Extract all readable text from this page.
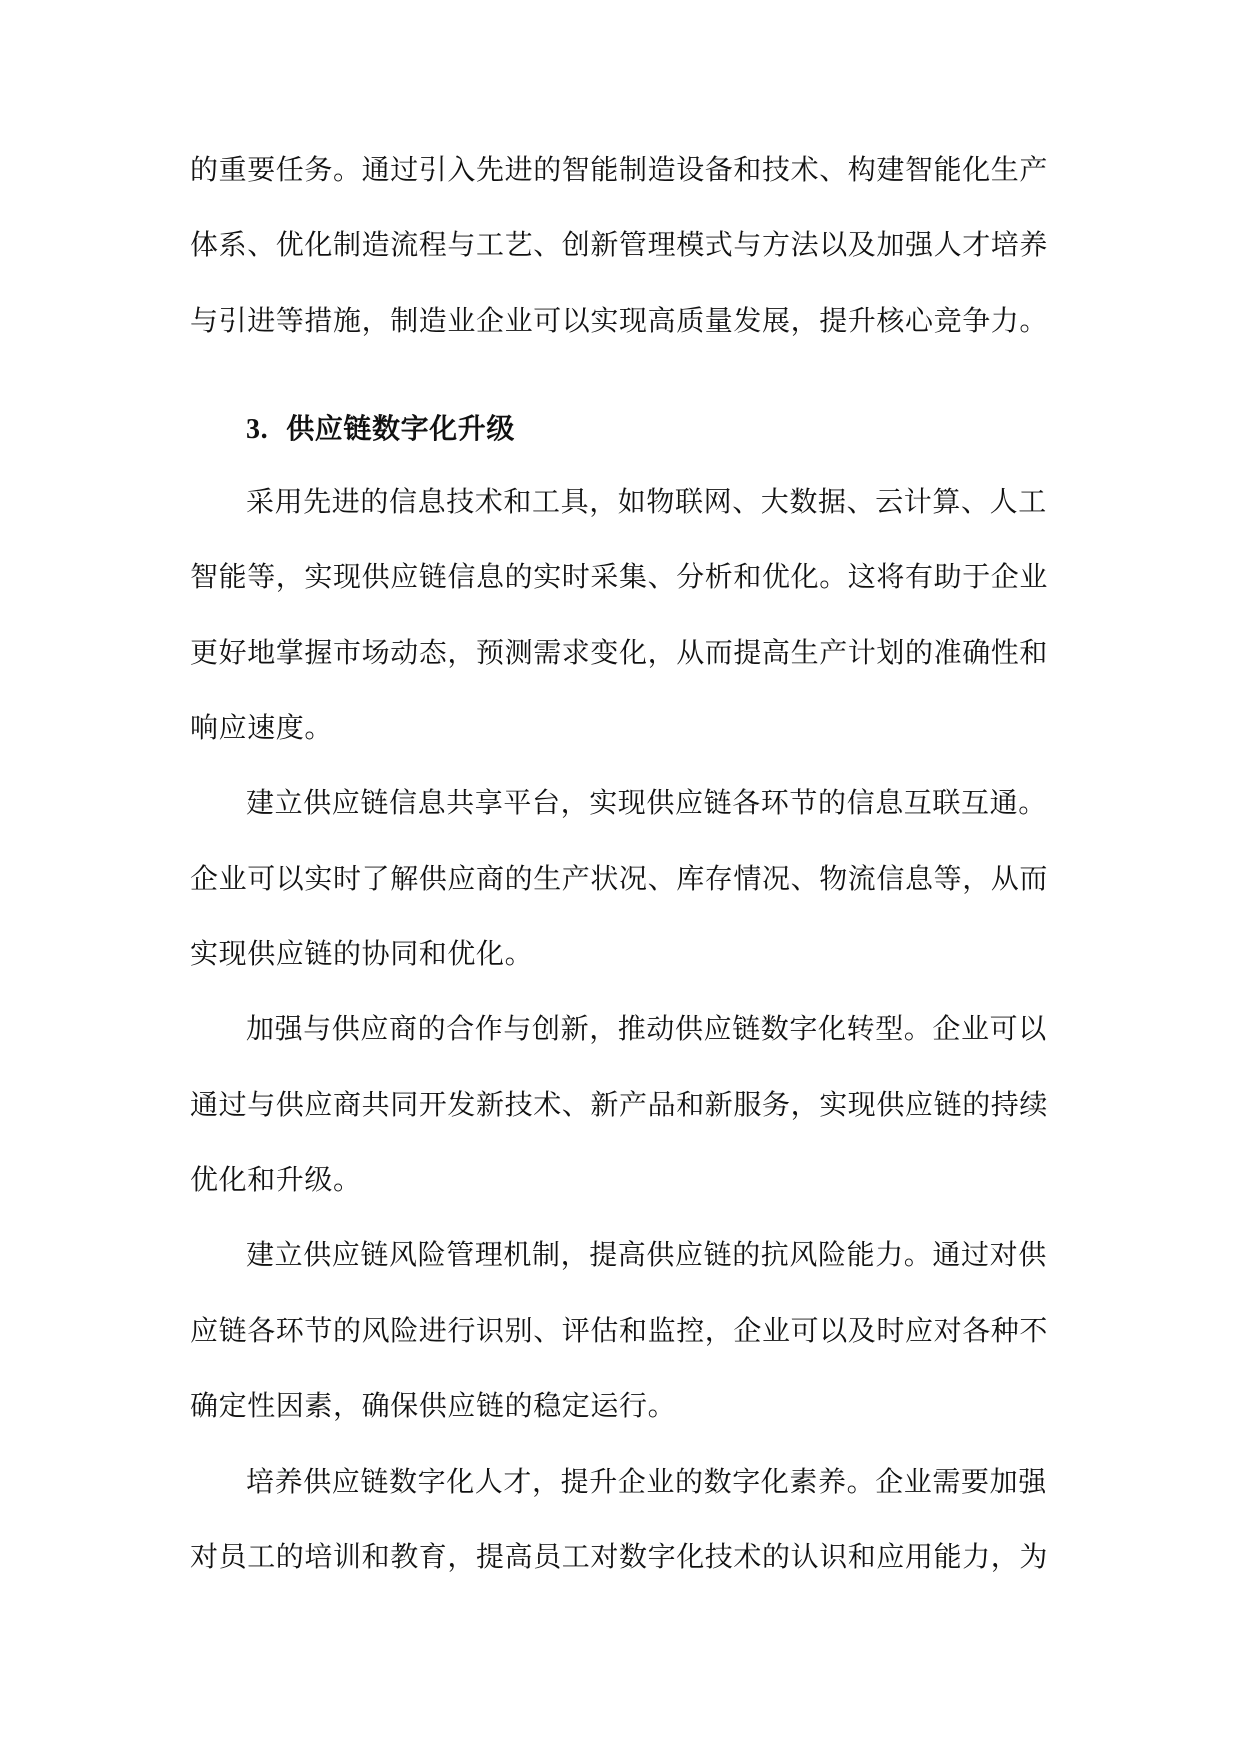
的重要任务。通过引入先进的智能制造设备和技术、构建智能化生产
体系、优化制造流程与工艺、创新管理模式与方法以及加强人才培养
与引进等措施，制造业企业可以实现高质量发展，提升核心竞争力。
3. 供应链数字化升级
采用先进的信息技术和工具，如物联网、大数据、云计算、人工
智能等，实现供应链信息的实时采集、分析和优化。这将有助于企业
更好地掌握市场动态，预测需求变化，从而提高生产计划的准确性和
响应速度。
建立供应链信息共享平台，实现供应链各环节的信息互联互通。
企业可以实时了解供应商的生产状况、库存情况、物流信息等，从而
实现供应链的协同和优化。
加强与供应商的合作与创新，推动供应链数字化转型。企业可以
通过与供应商共同开发新技术、新产品和新服务，实现供应链的持续
优化和升级。
建立供应链风险管理机制，提高供应链的抗风险能力。通过对供
应链各环节的风险进行识别、评估和监控，企业可以及时应对各种不
确定性因素，确保供应链的稳定运行。
培养供应链数字化人才，提升企业的数字化素养。企业需要加强
对员工的培训和教育，提高员工对数字化技术的认识和应用能力，为
